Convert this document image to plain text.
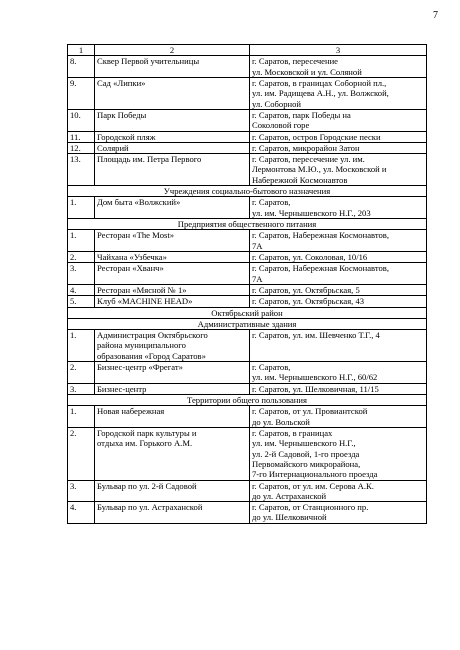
7
1	2	3
8.	Сквер Первой учительницы	г. Саратов, пересечение
ул. Московской и ул. Соляной

9.	Сад «Липки»	г. Саратов, в границах Соборной пл.,
ул. им. Радищева А.Н., ул. Волжской,
ул. Соборной

10.	Парк Победы	г. Саратов, парк Победы на
Соколовой горе

11.	Городской пляж	г. Саратов, остров Городские пески

12.	Солярий	г. Саратов, микрорайон Затон

13.	Площадь им. Петра Первого	г. Саратов, пересечение ул. им.
Лермонтова М.Ю., ул. Московской и
Набережной Космонавтов

Учреждения социально-бытового назначения		
1.	Дом быта «Волжский»	г. Саратов,
ул. им. Чернышевского Н.Г., 203

Предприятия общественного питания		
1.	Ресторан «The Most»	г. Саратов, Набережная Космонавтов,
7А

2.	Чайхана «Узбечка»	г. Саратов, ул. Соколовая, 10/16

3.	Ресторан «Хванч»	г. Саратов, Набережная Космонавтов,
7А

4.	Ресторан «Мясной № 1»	г. Саратов, ул. Октябрьская, 5

5.	Клуб «MACHINE HEAD»	г. Саратов, ул. Октябрьская, 43

Октябрьский район		
Административные здания		
1.	Администрация Октябрьского
района муниципального
образования «Город Саратов»	г. Саратов, ул. им. Шевченко Т.Г., 4

2.	Бизнес-центр «Фрегат»	г. Саратов,
ул. им. Чернышевского Н.Г., 60/62

3.	Бизнес-центр	г. Саратов, ул. Шелковичная, 11/15

Территории общего пользования		
1.	Новая набережная	г. Саратов, от ул. Провиантской
до ул. Вольской

2.	Городской парк культуры и
отдыха им. Горького А.М.	г. Саратов, в границах
ул. им. Чернышевского Н.Г.,
ул. 2-й Садовой, 1-го проезда
Первомайского микрорайона,
7-го Интернационального проезда

3.	Бульвар по ул. 2-й Садовой	г. Саратов, от ул. им. Серова А.К.
до ул. Астраханской

4.	Бульвар по ул. Астраханской	г. Саратов, от Станционного пр.
до ул. Шелковичной
